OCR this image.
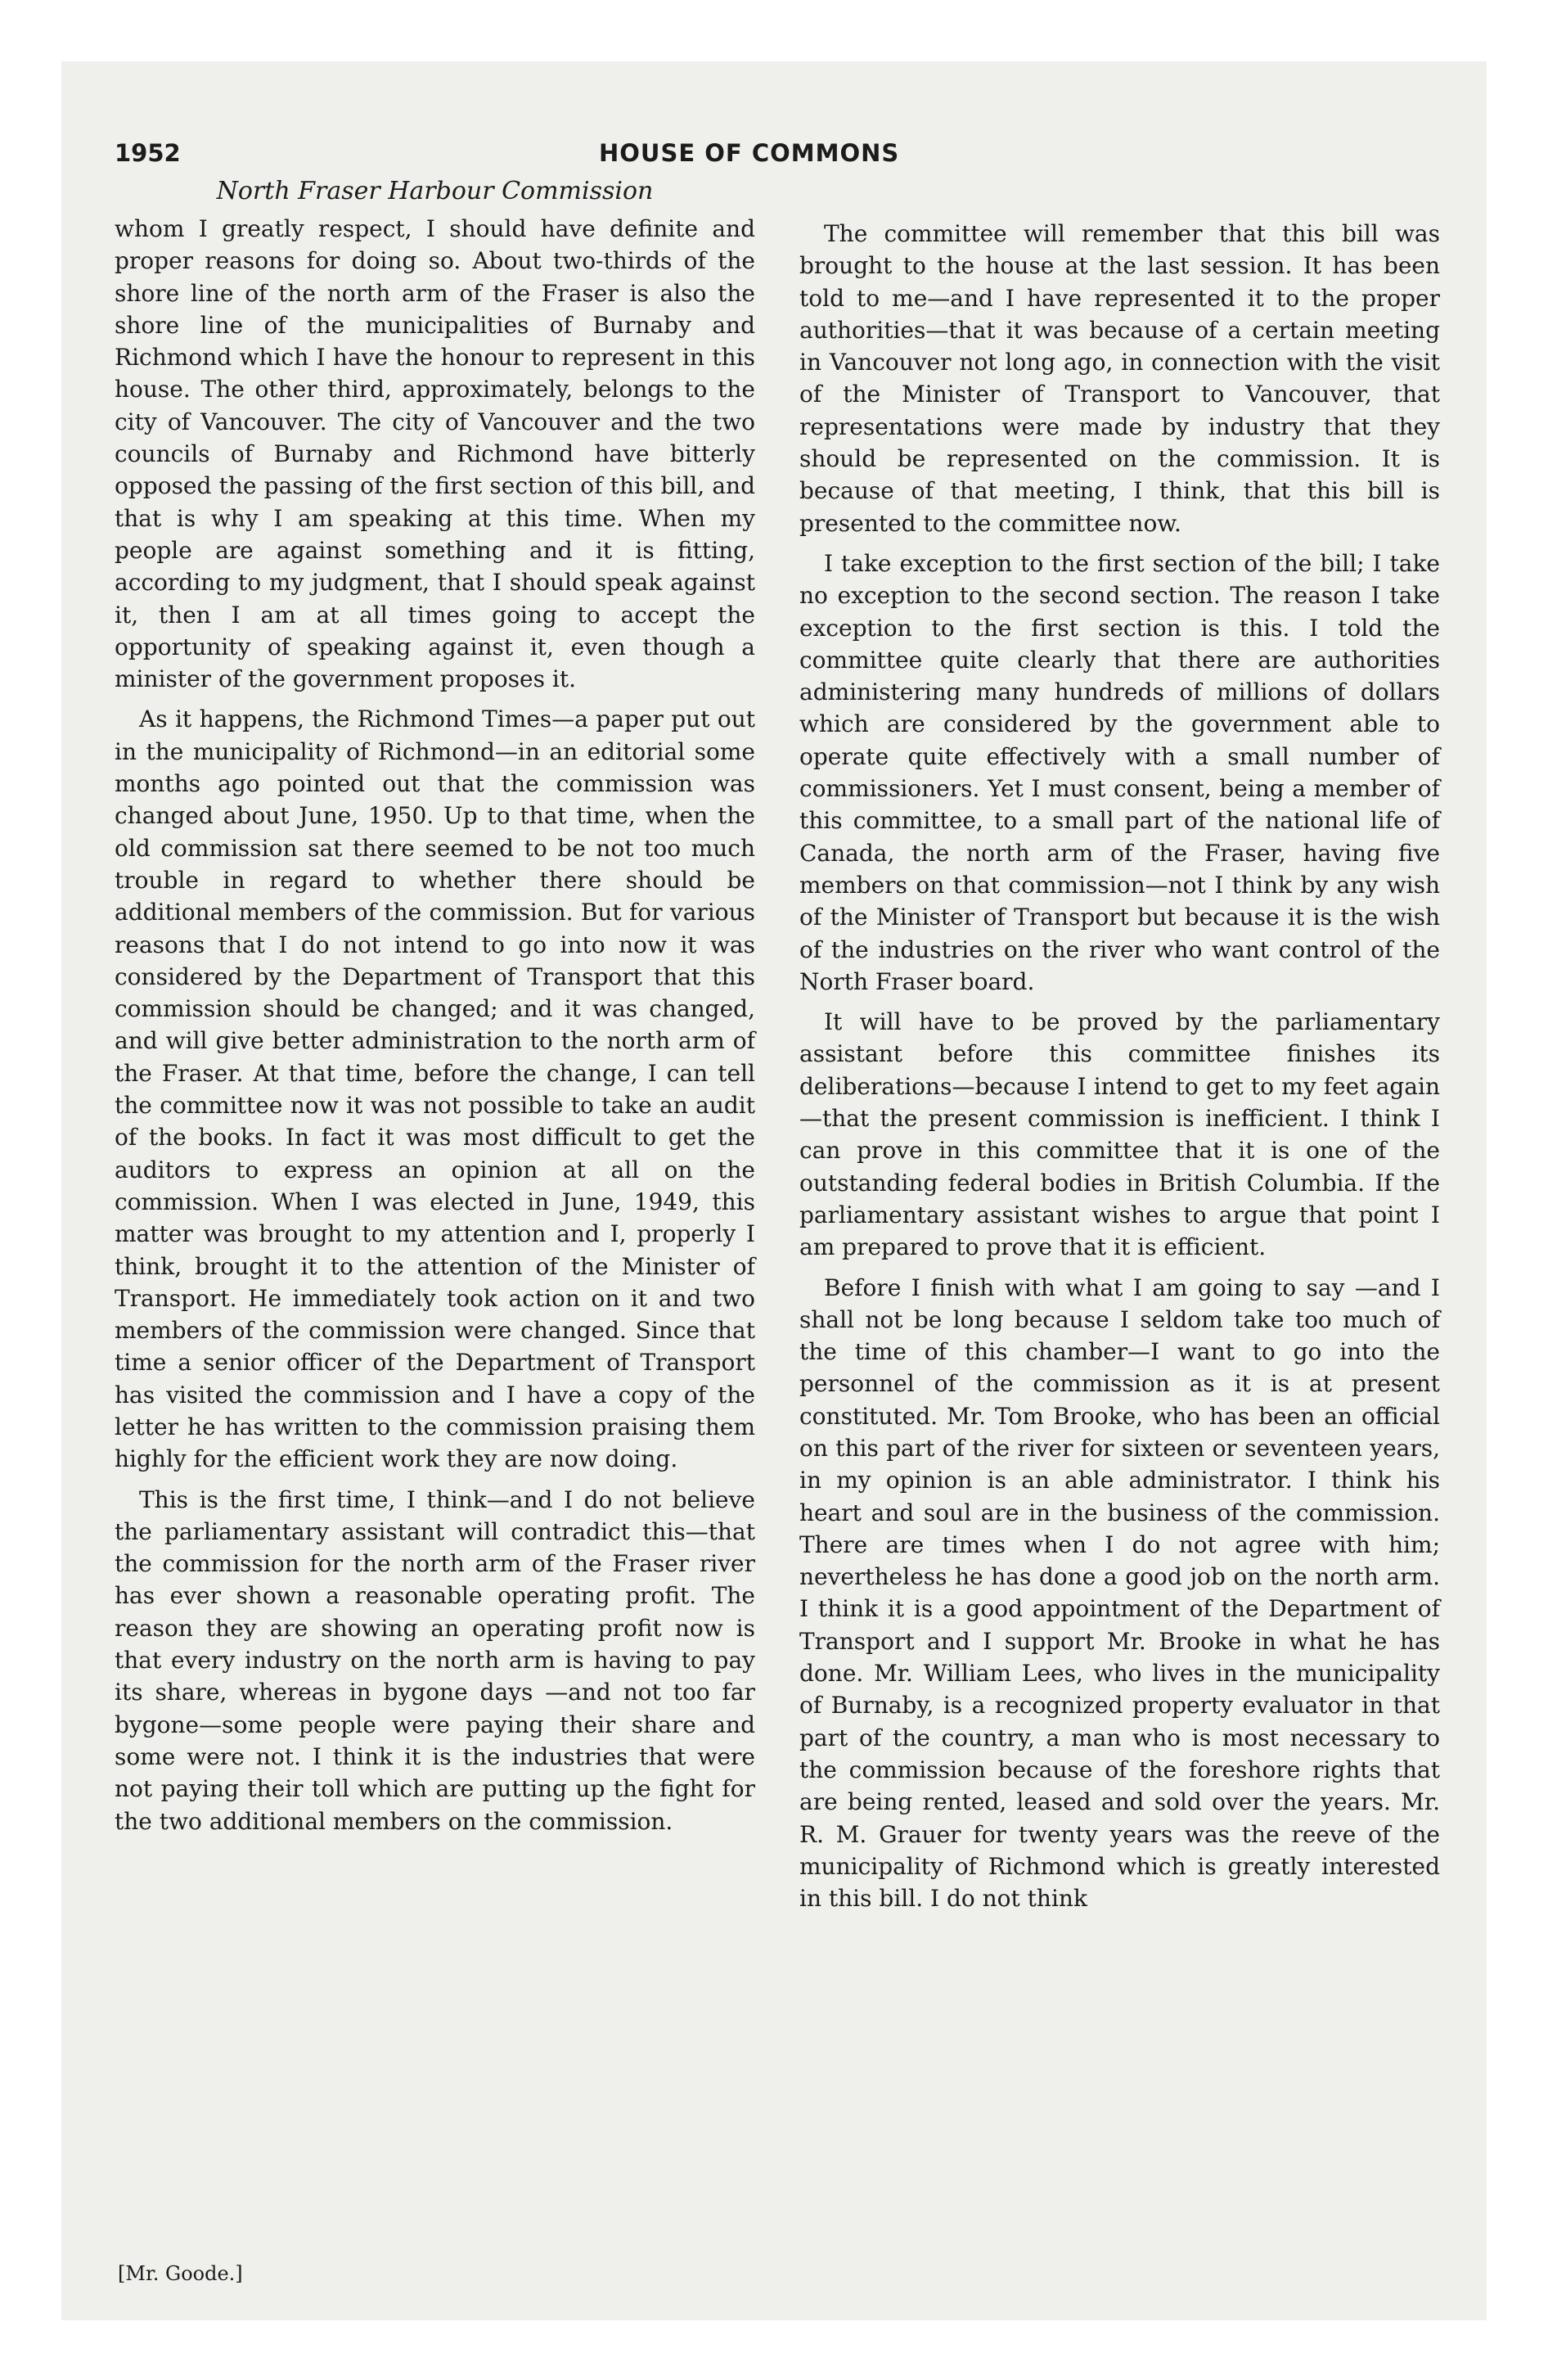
1952	HOUSE OF COMMONS
North Fraser Harbour Commission

whom I greatly respect, I should have definite and proper reasons for doing so. About two-thirds of the shore line of the north arm of the Fraser is also the shore line of the municipalities of Burnaby and Richmond which I have the honour to represent in this house. The other third, approximately, belongs to the city of Vancouver. The city of Vancouver and the two councils of Burnaby and Richmond have bitterly opposed the passing of the first section of this bill, and that is why I am speaking at this time. When my people are against something and it is fitting, according to my judgment, that I should speak against it, then I am at all times going to accept the opportunity of speaking against it, even though a minister of the government proposes it.

As it happens, the Richmond Times—a paper put out in the municipality of Richmond—in an editorial some months ago pointed out that the commission was changed about June, 1950. Up to that time, when the old commission sat there seemed to be not too much trouble in regard to whether there should be additional members of the commission. But for various reasons that I do not intend to go into now it was considered by the Department of Transport that this commission should be changed; and it was changed, and will give better administration to the north arm of the Fraser. At that time, before the change, I can tell the committee now it was not possible to take an audit of the books. In fact it was most difficult to get the auditors to express an opinion at all on the commission. When I was elected in June, 1949, this matter was brought to my attention and I, properly I think, brought it to the attention of the Minister of Transport. He immediately took action on it and two members of the commission were changed. Since that time a senior officer of the Department of Transport has visited the commission and I have a copy of the letter he has written to the commission praising them highly for the efficient work they are now doing.

This is the first time, I think—and I do not believe the parliamentary assistant will contradict this—that the commission for the north arm of the Fraser river has ever shown a reasonable operating profit. The reason they are showing an operating profit now is that every industry on the north arm is having to pay its share, whereas in bygone days —and not too far bygone—some people were paying their share and some were not. I think it is the industries that were not paying their toll which are putting up the fight for the two additional members on the commission.

The committee will remember that this bill was brought to the house at the last session. It has been told to me—and I have represented it to the proper authorities—that it was because of a certain meeting in Vancouver not long ago, in connection with the visit of the Minister of Transport to Vancouver, that representations were made by industry that they should be represented on the commission. It is because of that meeting, I think, that this bill is presented to the committee now.

I take exception to the first section of the bill; I take no exception to the second section. The reason I take exception to the first section is this. I told the committee quite clearly that there are authorities administering many hundreds of millions of dollars which are considered by the government able to operate quite effectively with a small number of commissioners. Yet I must consent, being a member of this committee, to a small part of the national life of Canada, the north arm of the Fraser, having five members on that commission—not I think by any wish of the Minister of Transport but because it is the wish of the industries on the river who want control of the North Fraser board.

It will have to be proved by the parliamentary assistant before this committee finishes its deliberations—because I intend to get to my feet again—that the present commission is inefficient. I think I can prove in this committee that it is one of the outstanding federal bodies in British Columbia. If the parliamentary assistant wishes to argue that point I am prepared to prove that it is efficient.

Before I finish with what I am going to say —and I shall not be long because I seldom take too much of the time of this chamber—I want to go into the personnel of the commission as it is at present constituted. Mr. Tom Brooke, who has been an official on this part of the river for sixteen or seventeen years, in my opinion is an able administrator. I think his heart and soul are in the business of the commission. There are times when I do not agree with him; nevertheless he has done a good job on the north arm. I think it is a good appointment of the Department of Transport and I support Mr. Brooke in what he has done. Mr. William Lees, who lives in the municipality of Burnaby, is a recognized property evaluator in that part of the country, a man who is most necessary to the commission because of the foreshore rights that are being rented, leased and sold over the years. Mr. R. M. Grauer for twenty years was the reeve of the municipality of Richmond which is greatly interested in this bill. I do not think

[Mr. Goode.]
